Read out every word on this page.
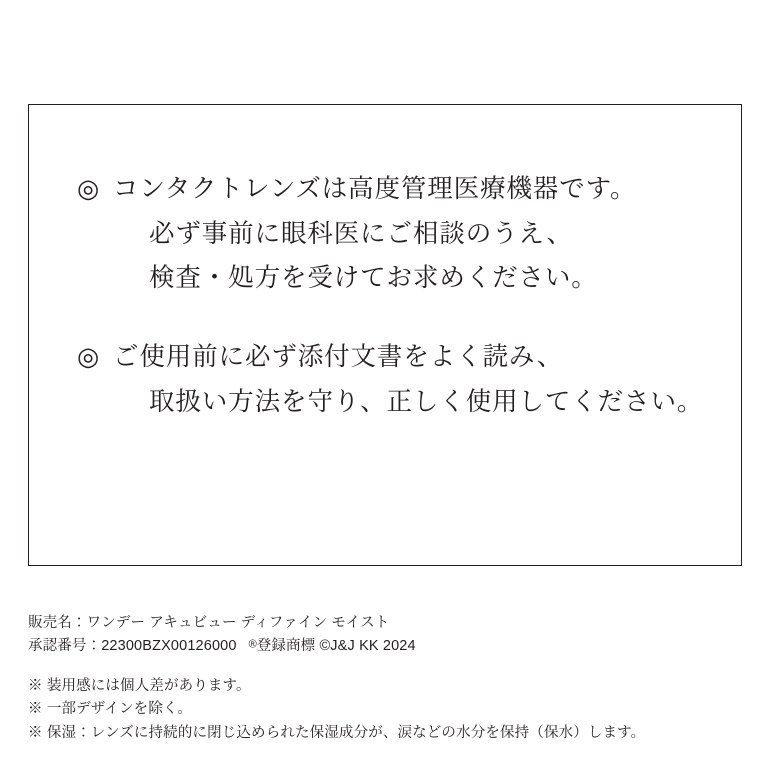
◎ コンタクトレンズは高度管理医療機器です。
必ず事前に眼科医にご相談のうえ、
検査・処方を受けてお求めください。
◎ ご使用前に必ず添付文書をよく読み、
取扱い方法を守り、正しく使用してください。
販売名：ワンデー アキュビュー ディファイン モイスト
承認番号：22300BZX00126000 ®登録商標 ©J&J KK 2024
※ 装用感には個人差があります。
※ 一部デザインを除く。
※ 保湿：レンズに持続的に閉じ込められた保湿成分が、涙などの水分を保持（保水）します。
